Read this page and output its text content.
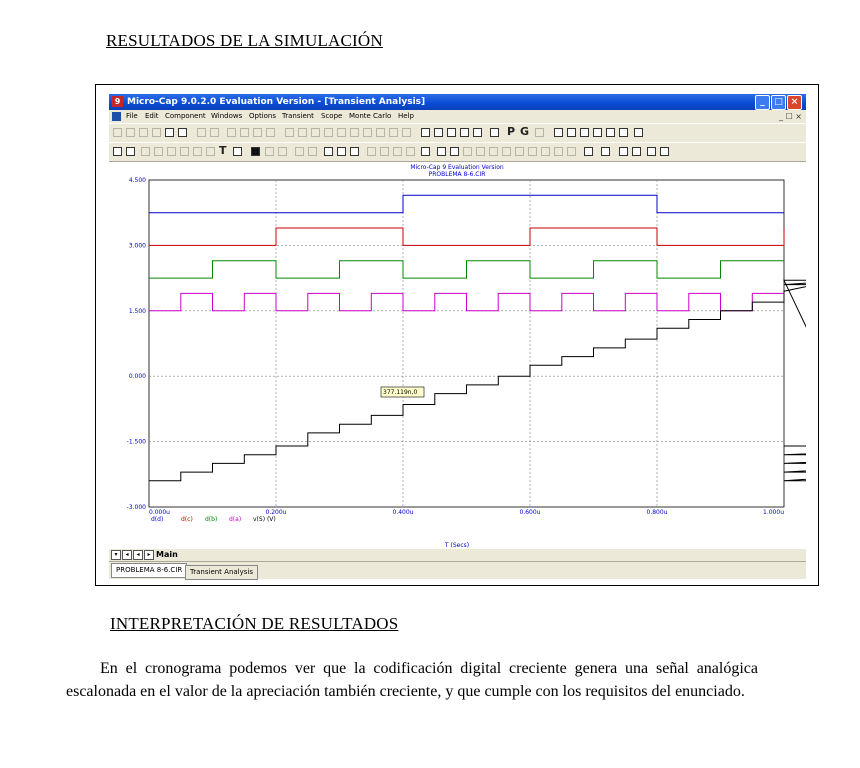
RESULTADOS DE LA SIMULACIÓN
9 Micro-Cap 9.0.2.0 Evaluation Version - [Transient Analysis]	_	□ ×
File Edit Component Windows Options Transient Scope Monte Carlo Help	_ ☐ ×
P G
T
4.500
3.000
1.500
0.000
-1.500
-3.000
0.000u	0.200u	0.400u	0.600u	0.800u	1.000u
Micro-Cap 9 Evaluation Version
PROBLEMA 8-6.CIR
377.119n,0
d(d)	d(c) d(b) d(a) v(S) (V)
T (Secs)
▾	◂	◂	▸ Main
PROBLEMA 8-6.CIR	Transient Analysis
INTERPRETACIÓN DE RESULTADOS
En el cronograma podemos ver que la codificación digital creciente genera una señal analógica escalonada en el valor de la apreciación también creciente, y que cumple con los requisitos del enunciado.
